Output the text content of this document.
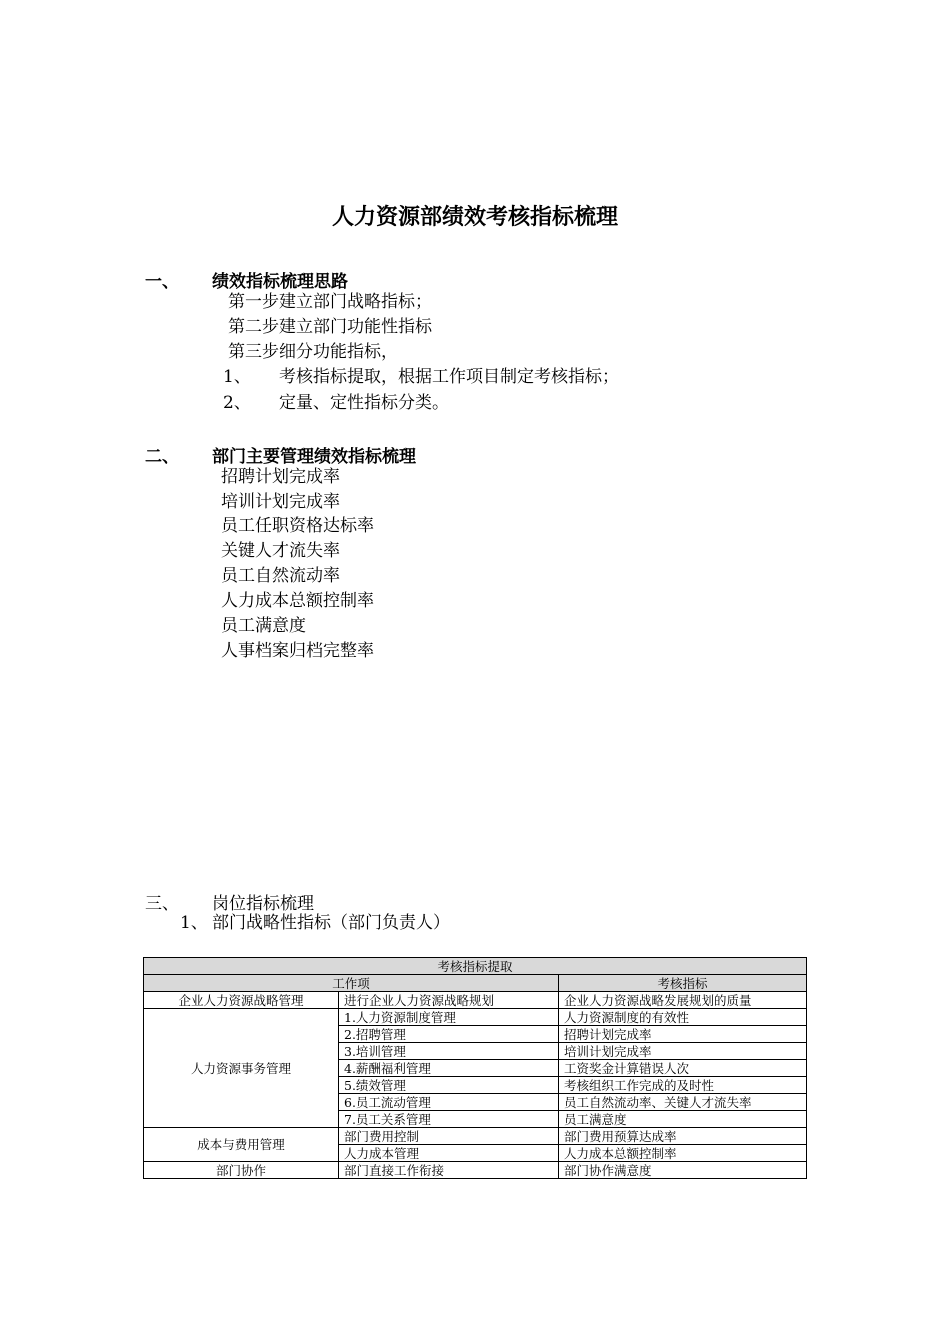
人力资源部绩效考核指标梳理
一、 绩效指标梳理思路
第一步建立部门战略指标；
第二步建立部门功能性指标
第三步细分功能指标，
1、 考核指标提取，根据工作项目制定考核指标；
2、 定量、定性指标分类。
二、 部门主要管理绩效指标梳理
招聘计划完成率
培训计划完成率
员工任职资格达标率
关键人才流失率
员工自然流动率
人力成本总额控制率
员工满意度
人事档案归档完整率
三、 岗位指标梳理
1、 部门战略性指标（部门负责人）
考核指标提取		
工作项		考核指标
企业人力资源战略管理	进行企业人力资源战略规划	企业人力资源战略发展规划的质量
人力资源事务管理	1.人力资源制度管理	人力资源制度的有效性
	2.招聘管理	招聘计划完成率
	3.培训管理	培训计划完成率
	4.薪酬福利管理	工资奖金计算错误人次
	5.绩效管理	考核组织工作完成的及时性
	6.员工流动管理	员工自然流动率、关键人才流失率
	7.员工关系管理	员工满意度
成本与费用管理	部门费用控制	部门费用预算达成率
	人力成本管理	人力成本总额控制率
部门协作	部门直接工作衔接	部门协作满意度
